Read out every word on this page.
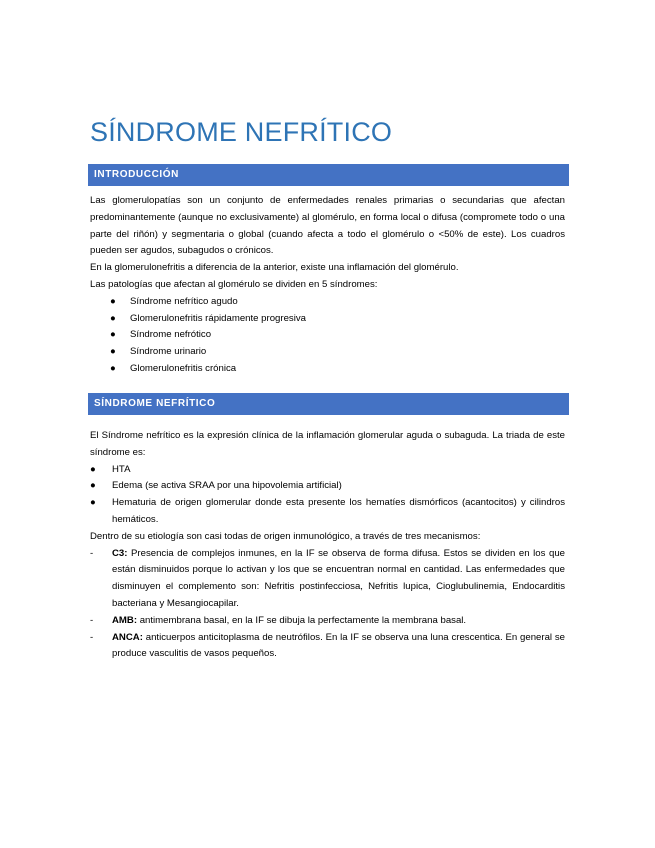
SÍNDROME NEFRÍTICO
INTRODUCCIÓN

Las glomerulopatías son un conjunto de enfermedades renales primarias o secundarias que afectan predominantemente (aunque no exclusivamente) al glomérulo, en forma local o difusa (compromete todo o una parte del riñón) y segmentaria o global (cuando afecta a todo el glomérulo o <50% de este). Los cuadros pueden ser agudos, subagudos o crónicos.

En la glomerulonefritis a diferencia de la anterior, existe una inflamación del glomérulo.

Las patologías que afectan al glomérulo se dividen en 5 síndromes:

● Síndrome nefrítico agudo
● Glomerulonefritis rápidamente progresiva
● Síndrome nefrótico
● Síndrome urinario
● Glomerulonefritis crónica
SÍNDROME NEFRÍTICO

El Síndrome nefrítico es la expresión clínica de la inflamación glomerular aguda o subaguda. La triada de este síndrome es:

● HTA
● Edema (se activa SRAA por una hipovolemia artificial)
● Hematuria de origen glomerular donde esta presente los hematíes dismórficos (acantocitos) y cilindros hemáticos.

Dentro de su etiología son casi todas de origen inmunológico, a través de tres mecanismos:

- C3: Presencia de complejos inmunes, en la IF se observa de forma difusa. Estos se dividen en los que están disminuidos porque lo activan y los que se encuentran normal en cantidad. Las enfermedades que disminuyen el complemento son: Nefritis postinfecciosa, Nefritis lupica, Cioglubulinemia, Endocarditis bacteriana y Mesangiocapilar.
- AMB: antimembrana basal, en la IF se dibuja la perfectamente la membrana basal.
- ANCA: anticuerpos anticitoplasma de neutrófilos. En la IF se observa una luna crescentica. En general se produce vasculitis de vasos pequeños.
